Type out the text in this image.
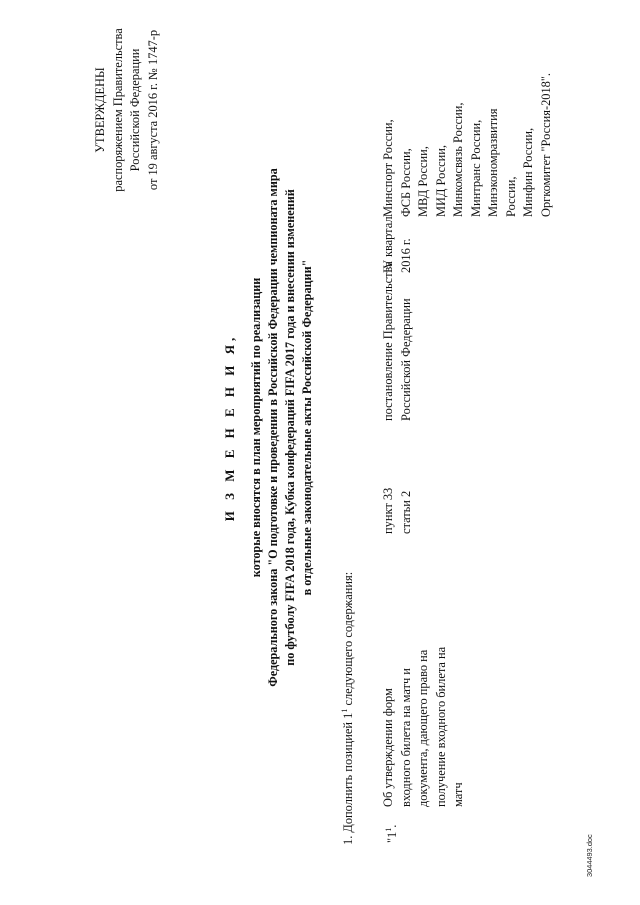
УТВЕРЖДЕНЫ распоряжением Правительства Российской Федерации от 19 августа 2016 г. № 1747-р
И З М Е Н Е Н И Я, которые вносятся в план мероприятий по реализации Федерального закона "О подготовке и проведении в Российской Федерации чемпионата мира по футболу FIFA 2018 года, Кубка конфедераций FIFA 2017 года и внесении изменений в отдельные законодательные акты Российской Федерации"
1. Дополнить позицией $1^1$ следующего содержания:
"$1^1$.
Об утверждении форм входного билета на матч и документа, дающего право на получение входного билета на матч
пункт 33 статьи 2
постановление Правительства Российской Федерации
IV квартал 2016 г.
Минспорт России, ФСБ России, МВД России, МИД России, Минкомсвязь России, Минтранс России, Минэкономразвития России, Минфин России, Оргкомитет "Россия-2018".
3044493.doc
